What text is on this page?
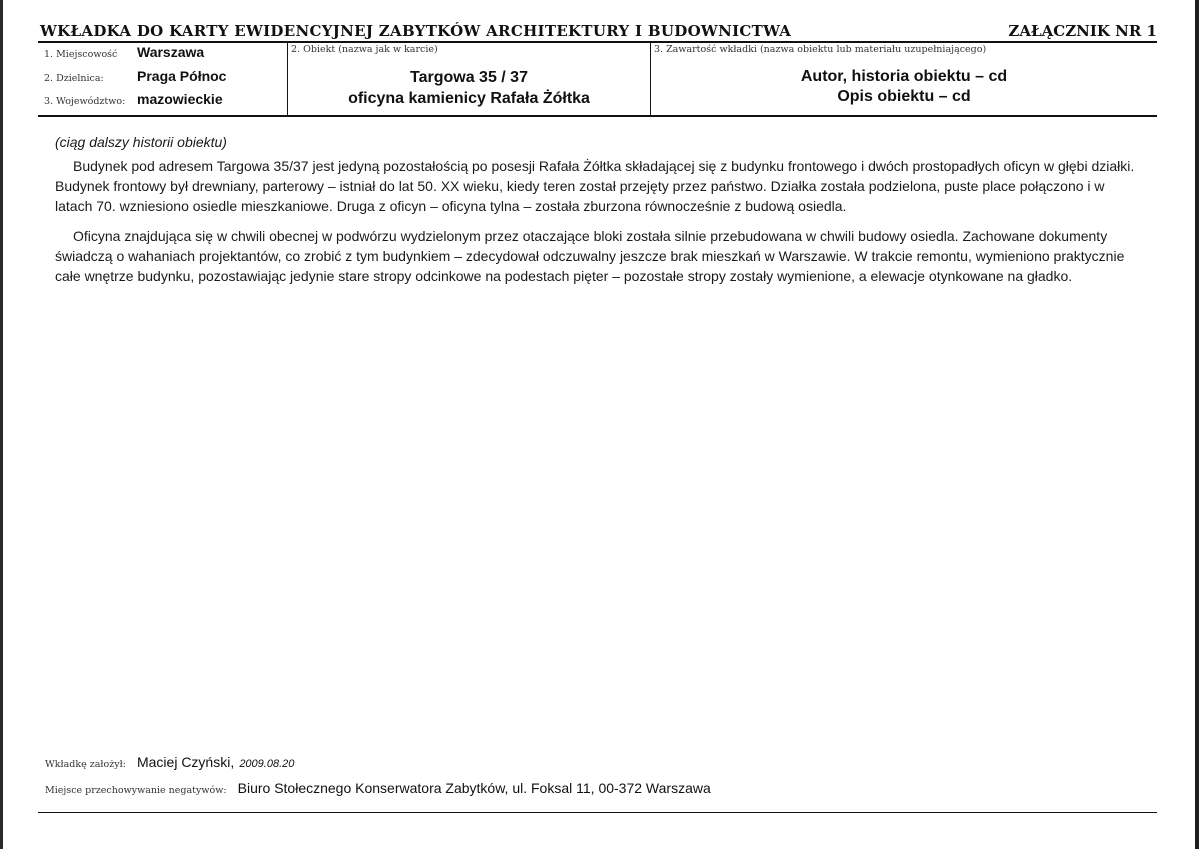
WKŁADKA DO KARTY EWIDENCYJNEJ ZABYTKÓW ARCHITEKTURY I BUDOWNICTWA	ZAŁĄCZNIK NR 1
1. Miejscowość Warszawa
2. Dzielnica: Praga Północ
3. Województwo: mazowieckie
2. Obiekt (nazwa jak w karcie)
Targowa 35 / 37
oficyna kamienicy Rafała Żółtka
3. Zawartość wkładki (nazwa obiektu lub materiału uzupełniającego)
Autor, historia obiektu – cd
Opis obiektu – cd

(ciąg dalszy historii obiektu)

Budynek pod adresem Targowa 35/37 jest jedyną pozostałością po posesji Rafała Żółtka składającej się z budynku frontowego i dwóch prostopadłych oficyn w głębi działki. Budynek frontowy był drewniany, parterowy – istniał do lat 50. XX wieku, kiedy teren został przejęty przez państwo. Działka została podzielona, puste place połączono i w latach 70. wzniesiono osiedle mieszkaniowe. Druga z oficyn – oficyna tylna – została zburzona równocześnie z budową osiedla.

Oficyna znajdująca się w chwili obecnej w podwórzu wydzielonym przez otaczające bloki została silnie przebudowana w chwili budowy osiedla. Zachowane dokumenty świadczą o wahaniach projektantów, co zrobić z tym budynkiem – zdecydował odczuwalny jeszcze brak mieszkań w Warszawie. W trakcie remontu, wymieniono praktycznie całe wnętrze budynku, pozostawiając jedynie stare stropy odcinkowe na podestach pięter – pozostałe stropy zostały wymienione, a elewacje otynkowane na gładko.

Wkładkę założył: Maciej Czyński, 2009.08.20
Miejsce przechowywanie negatywów: Biuro Stołecznego Konserwatora Zabytków, ul. Foksal 11, 00-372 Warszawa
